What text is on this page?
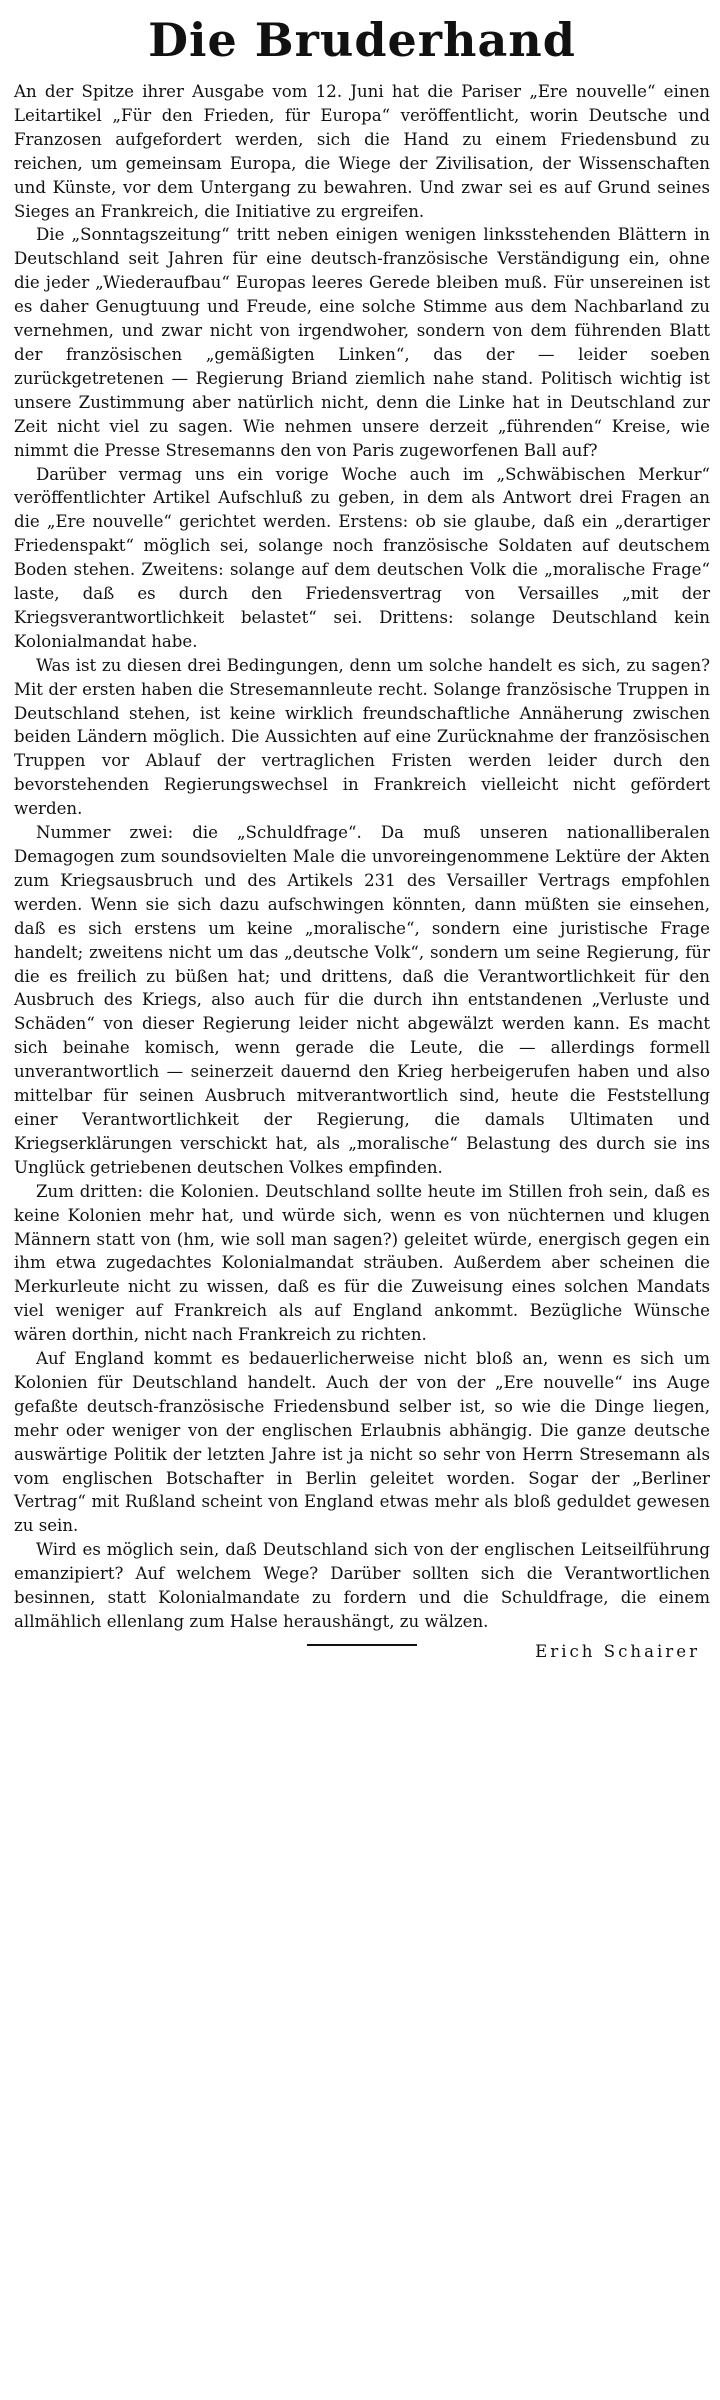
Die Bruderhand

An der Spitze ihrer Ausgabe vom 12. Juni hat die Pariser „Ere nouvelle“ einen Leitartikel „Für den Frieden, für Europa“ veröffentlicht, worin Deutsche und Franzosen aufgefordert werden, sich die Hand zu einem Friedensbund zu reichen, um gemeinsam Europa, die Wiege der Zivilisation, der Wissenschaften und Künste, vor dem Untergang zu bewahren. Und zwar sei es auf Grund seines Sieges an Frankreich, die Initiative zu ergreifen.

Die „Sonntagszeitung“ tritt neben einigen wenigen linksstehenden Blättern in Deutschland seit Jahren für eine deutsch-französische Verständigung ein, ohne die jeder „Wiederaufbau“ Europas leeres Gerede bleiben muß. Für unsereinen ist es daher Genugtuung und Freude, eine solche Stimme aus dem Nachbarland zu vernehmen, und zwar nicht von irgendwoher, sondern von dem führenden Blatt der französischen „gemäßigten Linken“, das der — leider soeben zurückgetretenen — Regierung Briand ziemlich nahe stand. Politisch wichtig ist unsere Zustimmung aber natürlich nicht, denn die Linke hat in Deutschland zur Zeit nicht viel zu sagen. Wie nehmen unsere derzeit „führenden“ Kreise, wie nimmt die Presse Stresemanns den von Paris zugeworfenen Ball auf?

Darüber vermag uns ein vorige Woche auch im „Schwäbischen Merkur“ veröffentlichter Artikel Aufschluß zu geben, in dem als Antwort drei Fragen an die „Ere nouvelle“ gerichtet werden. Erstens: ob sie glaube, daß ein „derartiger Friedenspakt“ möglich sei, solange noch französische Soldaten auf deutschem Boden stehen. Zweitens: solange auf dem deutschen Volk die „moralische Frage“ laste, daß es durch den Friedensvertrag von Versailles „mit der Kriegsverantwortlichkeit belastet“ sei. Drittens: solange Deutschland kein Kolonialmandat habe.

Was ist zu diesen drei Bedingungen, denn um solche handelt es sich, zu sagen? Mit der ersten haben die Stresemannleute recht. Solange französische Truppen in Deutschland stehen, ist keine wirklich freundschaftliche Annäherung zwischen beiden Ländern möglich. Die Aussichten auf eine Zurücknahme der französischen Truppen vor Ablauf der vertraglichen Fristen werden leider durch den bevorstehenden Regierungswechsel in Frankreich vielleicht nicht gefördert werden.

Nummer zwei: die „Schuldfrage“. Da muß unseren nationalliberalen Demagogen zum soundsovielten Male die unvoreingenommene Lektüre der Akten zum Kriegsausbruch und des Artikels 231 des Versailler Vertrags empfohlen werden. Wenn sie sich dazu aufschwingen könnten, dann müßten sie einsehen, daß es sich erstens um keine „moralische“, sondern eine juristische Frage handelt; zweitens nicht um das „deutsche Volk“, sondern um seine Regierung, für die es freilich zu büßen hat; und drittens, daß die Verantwortlichkeit für den Ausbruch des Kriegs, also auch für die durch ihn entstandenen „Verluste und Schäden“ von dieser Regierung leider nicht abgewälzt werden kann. Es macht sich beinahe komisch, wenn gerade die Leute, die — allerdings formell unverantwortlich — seinerzeit dauernd den Krieg herbeigerufen haben und also mittelbar für seinen Ausbruch mitverantwortlich sind, heute die Feststellung einer Verantwortlichkeit der Regierung, die damals Ultimaten und Kriegserklärungen verschickt hat, als „moralische“ Belastung des durch sie ins Unglück getriebenen deutschen Volkes empfinden.

Zum dritten: die Kolonien. Deutschland sollte heute im Stillen froh sein, daß es keine Kolonien mehr hat, und würde sich, wenn es von nüchternen und klugen Männern statt von (hm, wie soll man sagen?) geleitet würde, energisch gegen ein ihm etwa zugedachtes Kolonialmandat sträuben. Außerdem aber scheinen die Merkurleute nicht zu wissen, daß es für die Zuweisung eines solchen Mandats viel weniger auf Frankreich als auf England ankommt. Bezügliche Wünsche wären dorthin, nicht nach Frankreich zu richten.

Auf England kommt es bedauerlicherweise nicht bloß an, wenn es sich um Kolonien für Deutschland handelt. Auch der von der „Ere nouvelle“ ins Auge gefaßte deutsch-französische Friedensbund selber ist, so wie die Dinge liegen, mehr oder weniger von der englischen Erlaubnis abhängig. Die ganze deutsche auswärtige Politik der letzten Jahre ist ja nicht so sehr von Herrn Stresemann als vom englischen Botschafter in Berlin geleitet worden. Sogar der „Berliner Vertrag“ mit Rußland scheint von England etwas mehr als bloß geduldet gewesen zu sein.

Wird es möglich sein, daß Deutschland sich von der englischen Leitseilführung emanzipiert? Auf welchem Wege? Darüber sollten sich die Verantwortlichen besinnen, statt Kolonialmandate zu fordern und die Schuldfrage, die einem allmählich ellenlang zum Halse heraushängt, zu wälzen.

Erich Schairer
